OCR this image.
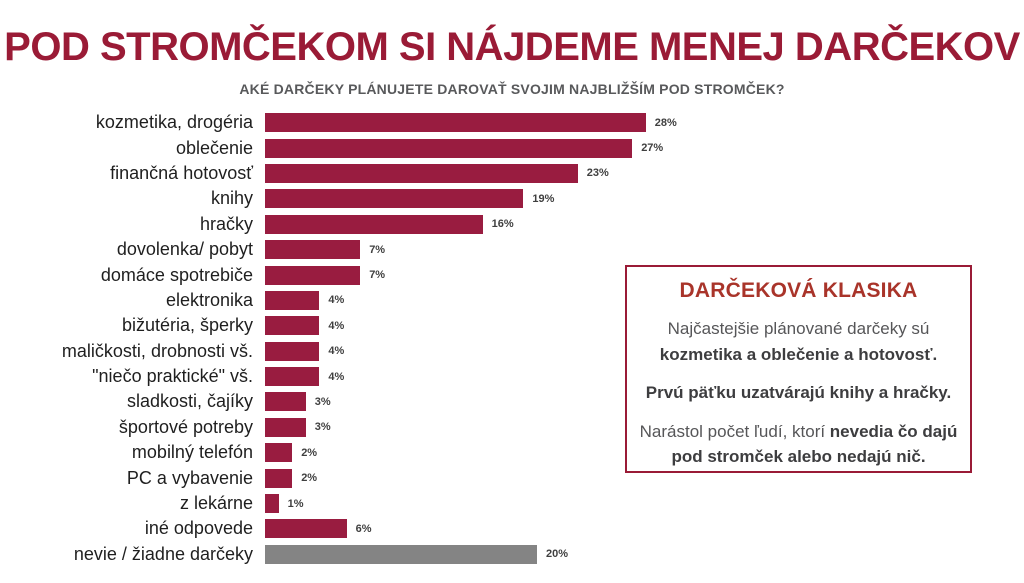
POD STROMČEKOM SI NÁJDEME MENEJ DARČEKOV
AKÉ DARČEKY PLÁNUJETE DAROVAŤ SVOJIM NAJBLIŽŠÍM POD STROMČEK?
kozmetika, drogéria	28%
oblečenie	27%
finančná hotovosť	23%
knihy	19%
hračky	16%
dovolenka/ pobyt	7%
domáce spotrebiče	7%
elektronika	4%
bižutéria, šperky	4%
maličkosti, drobnosti vš.	4%
"niečo praktické" vš.	4%
sladkosti, čajíky	3%
športové potreby	3%
mobilný telefón	2%
PC a vybavenie	2%
z lekárne	1%
iné odpovede	6%
nevie / žiadne darčeky	20%
DARČEKOVÁ KLASIKA

Najčastejšie plánované darčeky sú kozmetika a oblečenie a hotovosť.

Prvú päťku uzatvárajú knihy a hračky.

Narástol počet ľudí, ktorí nevedia čo dajú pod stromček alebo nedajú nič.
